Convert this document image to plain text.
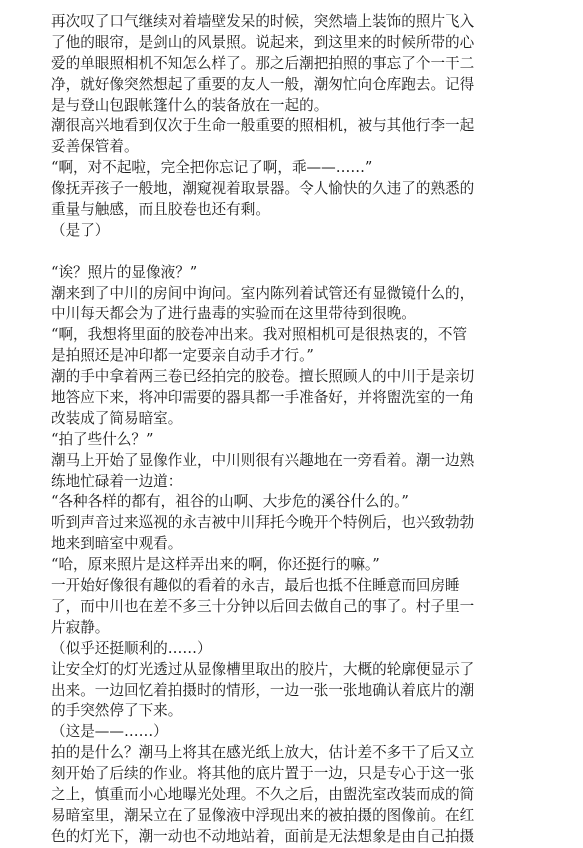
再次叹了口气继续对着墙壁发呆的时候，突然墙上装饰的照片飞入
了他的眼帘，是剑山的风景照。说起来，到这里来的时候所带的心
爱的单眼照相机不知怎么样了。那之后潮把拍照的事忘了个一干二
净，就好像突然想起了重要的友人一般，潮匆忙向仓库跑去。记得
是与登山包跟帐篷什么的装备放在一起的。
潮很高兴地看到仅次于生命一般重要的照相机，被与其他行李一起
妥善保管着。
“啊，对不起啦，完全把你忘记了啊，乖——……”
像抚弄孩子一般地，潮窥视着取景器。令人愉快的久违了的熟悉的
重量与触感，而且胶卷也还有剩。
（是了）
“诶？照片的显像液？”
潮来到了中川的房间中询问。室内陈列着试管还有显微镜什么的，
中川每天都会为了进行蛊毒的实验而在这里带待到很晚。
“啊，我想将里面的胶卷冲出来。我对照相机可是很热衷的，不管
是拍照还是冲印都一定要亲自动手才行。”
潮的手中拿着两三卷已经拍完的胶卷。擅长照顾人的中川于是亲切
地答应下来，将冲印需要的器具都一手准备好，并将盥洗室的一角
改装成了简易暗室。
“拍了些什么？”
潮马上开始了显像作业，中川则很有兴趣地在一旁看着。潮一边熟
练地忙碌着一边道：
“各种各样的都有，祖谷的山啊、大步危的溪谷什么的。”
听到声音过来巡视的永吉被中川拜托今晚开个特例后，也兴致勃勃
地来到暗室中观看。
“哈，原来照片是这样弄出来的啊，你还挺行的嘛。”
一开始好像很有趣似的看着的永吉，最后也抵不住睡意而回房睡
了，而中川也在差不多三十分钟以后回去做自己的事了。村子里一
片寂静。
（似乎还挺顺利的……）
让安全灯的灯光透过从显像槽里取出的胶片，大概的轮廓便显示了
出来。一边回忆着拍摄时的情形，一边一张一张地确认着底片的潮
的手突然停了下来。
（这是——……）
拍的是什么？潮马上将其在感光纸上放大，估计差不多干了后又立
刻开始了后续的作业。将其他的底片置于一边，只是专心于这一张
之上，慎重而小心地曝光处理。不久之后，由盥洗室改装而成的简
易暗室里，潮呆立在了显像液中浮现出来的被拍摄的图像前。在红
色的灯光下，潮一动也不动地站着，面前是无法想象是由自己拍摄
